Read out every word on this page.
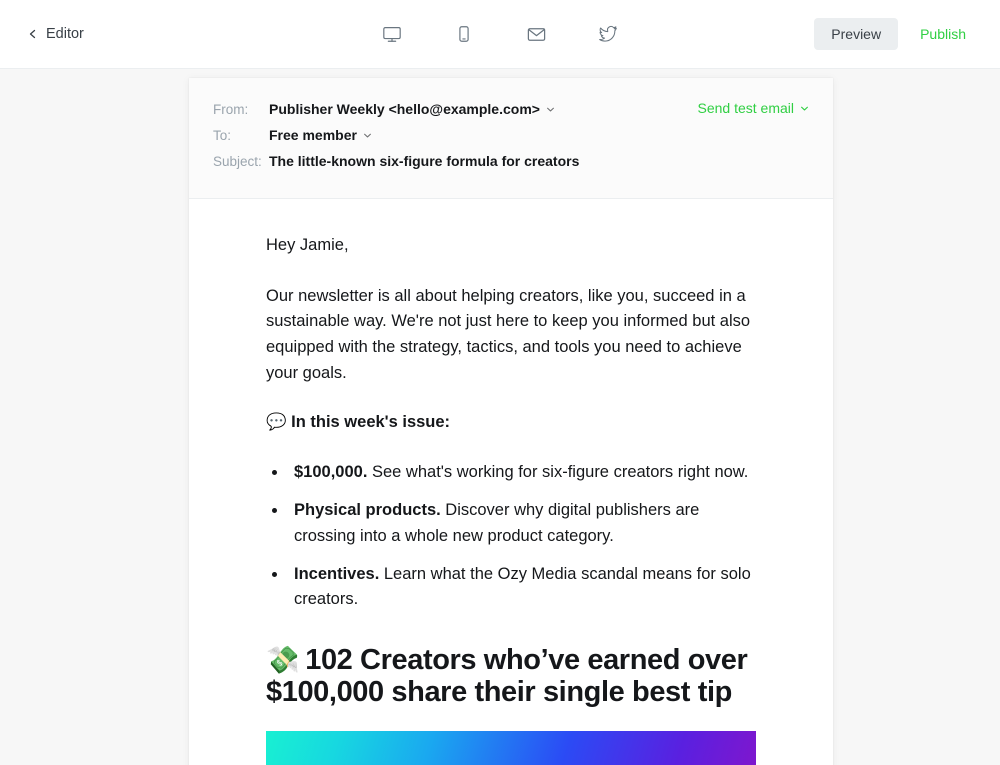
Editor	Preview	Publish
From:	Publisher Weekly <hello@example.com>
To:	Free member
Subject: The little-known six-figure formula for creators
Send test email

Hey Jamie,

Our newsletter is all about helping creators, like you, succeed in a sustainable way. We're not just here to keep you informed but also equipped with the strategy, tactics, and tools you need to achieve your goals.

💬 In this week's issue:

• $100,000. See what's working for six-figure creators right now.
• Physical products. Discover why digital publishers are crossing into a whole new product category.
• Incentives. Learn what the Ozy Media scandal means for solo creators.
💸 102 Creators who’ve earned over $100,000 share their single best tip
